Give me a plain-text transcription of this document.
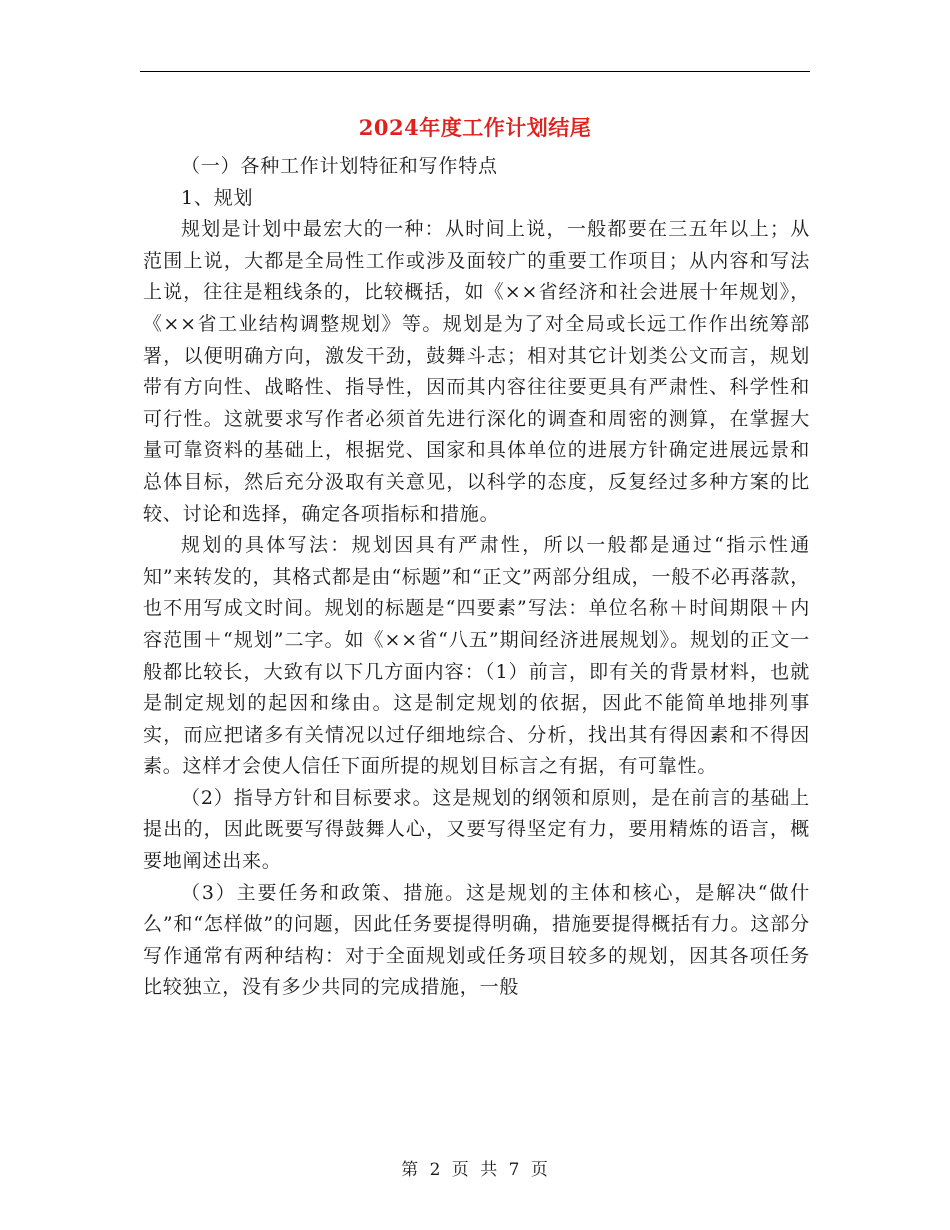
2024年度工作计划结尾

（一）各种工作计划特征和写作特点

1、规划

规划是计划中最宏大的一种：从时间上说，一般都要在三五年以上；从范围上说，大都是全局性工作或涉及面较广的重要工作项目；从内容和写法上说，往往是粗线条的，比较概括，如《××省经济和社会进展十年规划》，《××省工业结构调整规划》等。规划是为了对全局或长远工作作出统筹部署，以便明确方向，激发干劲，鼓舞斗志；相对其它计划类公文而言，规划带有方向性、战略性、指导性，因而其内容往往要更具有严肃性、科学性和可行性。这就要求写作者必须首先进行深化的调查和周密的测算，在掌握大量可靠资料的基础上，根据党、国家和具体单位的进展方针确定进展远景和总体目标，然后充分汲取有关意见，以科学的态度，反复经过多种方案的比较、讨论和选择，确定各项指标和措施。

规划的具体写法：规划因具有严肃性，所以一般都是通过“指示性通知”来转发的，其格式都是由“标题”和“正文”两部分组成，一般不必再落款，也不用写成文时间。规划的标题是“四要素”写法：单位名称＋时间期限＋内容范围＋“规划”二字。如《××省“八五”期间经济进展规划》。规划的正文一般都比较长，大致有以下几方面内容：（1）前言，即有关的背景材料，也就是制定规划的起因和缘由。这是制定规划的依据，因此不能简单地排列事实，而应把诸多有关情况以过仔细地综合、分析，找出其有得因素和不得因素。这样才会使人信任下面所提的规划目标言之有据，有可靠性。

（2）指导方针和目标要求。这是规划的纲领和原则，是在前言的基础上提出的，因此既要写得鼓舞人心，又要写得坚定有力，要用精炼的语言，概要地阐述出来。

（3）主要任务和政策、措施。这是规划的主体和核心，是解决“做什么”和“怎样做”的问题，因此任务要提得明确，措施要提得概括有力。这部分写作通常有两种结构：对于全面规划或任务项目较多的规划，因其各项任务比较独立，没有多少共同的完成措施，一般

第 2 页 共 7 页
